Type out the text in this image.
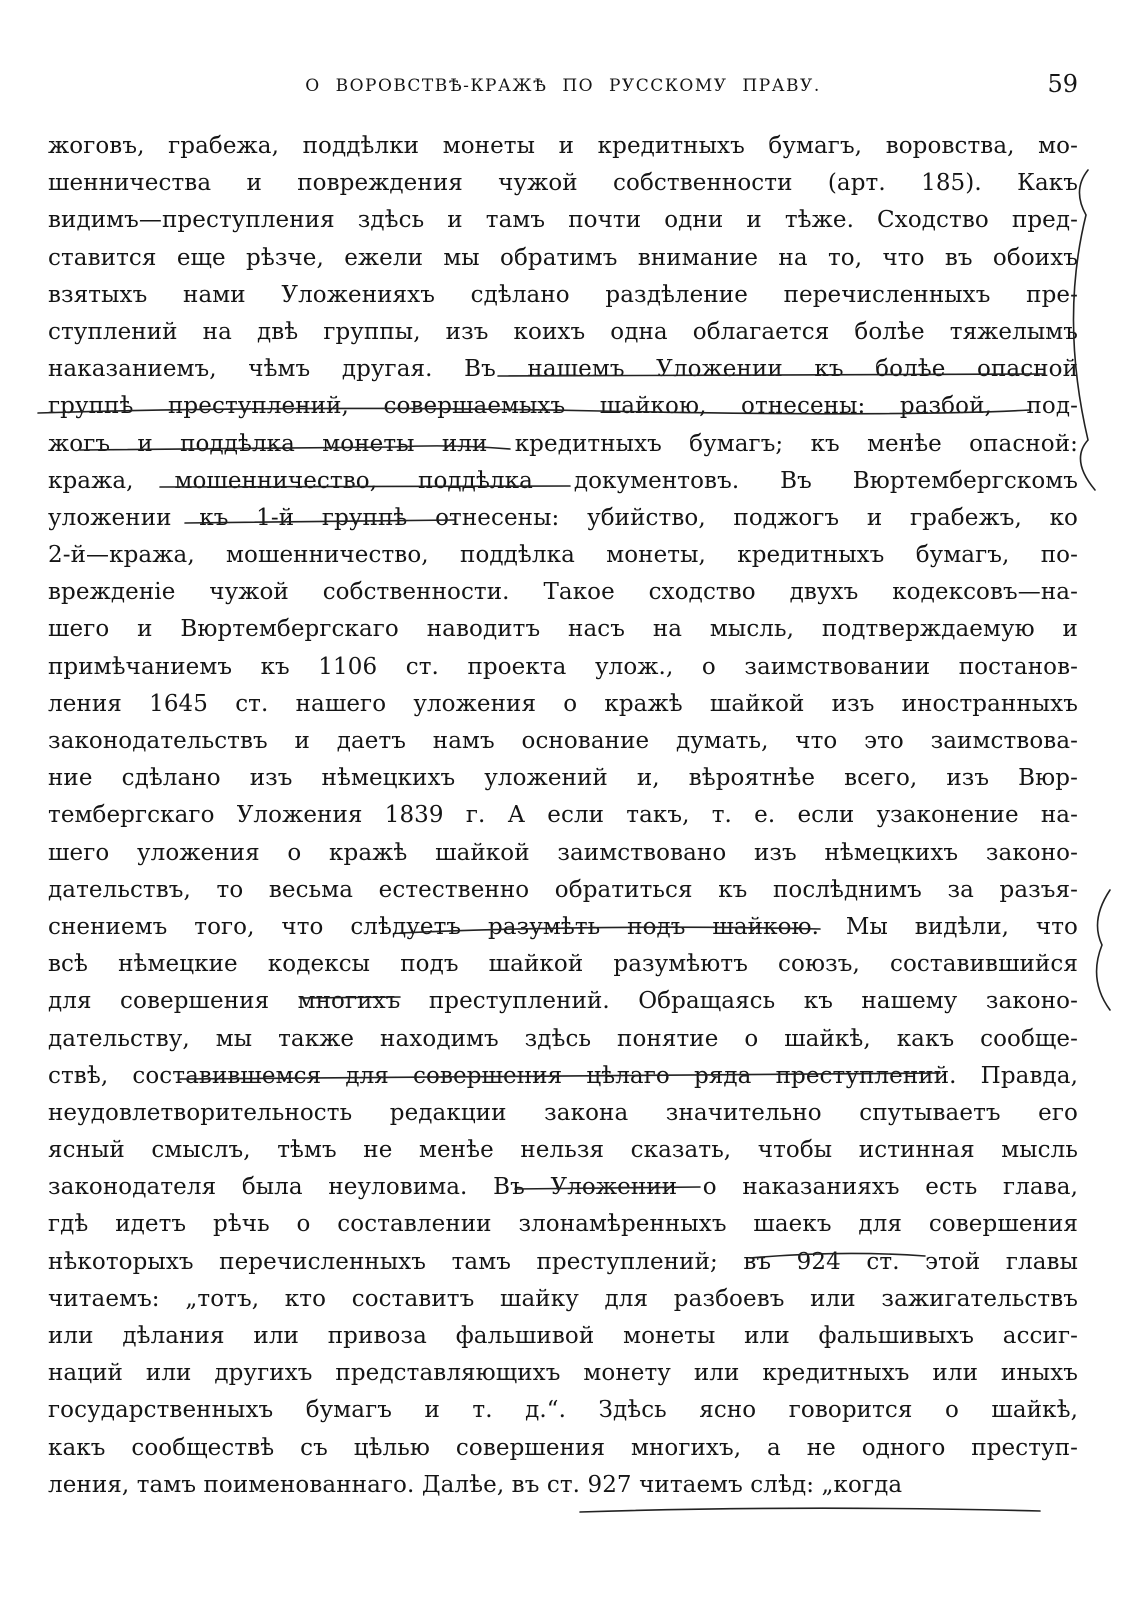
О ВОРОВСТВѢ-КРАЖѢ ПО РУССКОМУ ПРАВУ.	59
жоговъ, грабежа, поддѣлки монеты и кредитныхъ бумагъ, воровства, мо-
шенничества и повреждения чужой собственности (арт. 185). Какъ
видимъ—преступления здѣсь и тамъ почти одни и тѣже. Сходство пред-
ставится еще рѣзче, ежели мы обратимъ внимание на то, что въ обоихъ
взятыхъ нами Уложенияхъ сдѣлано раздѣление перечисленныхъ пре-
ступлений на двѣ группы, изъ коихъ одна облагается болѣе тяжелымъ
наказаниемъ, чѣмъ другая. Въ нашемъ Уложении къ болѣе опасной
группѣ преступлений, совершаемыхъ шайкою, отнесены: разбой, под-
жогъ и поддѣлка монеты или кредитныхъ бумагъ; къ менѣе опасной:
кража, мошенничество, поддѣлка документовъ. Въ Вюртембергскомъ
уложении къ 1-й группѣ отнесены: убийство, поджогъ и грабежъ, ко
2-й—кража, мошенничество, поддѣлка монеты, кредитныхъ бумагъ, по-
врежденiе чужой собственности. Такое сходство двухъ кодексовъ—на-
шего и Вюртембергскаго наводитъ насъ на мысль, подтверждаемую и
примѣчаниемъ къ 1106 ст. проекта улож., о заимствовании постанов-
ления 1645 ст. нашего уложения о кражѣ шайкой изъ иностранныхъ
законодательствъ и даетъ намъ основание думать, что это заимствова-
ние сдѣлано изъ нѣмецкихъ уложений и, вѣроятнѣе всего, изъ Вюр-
тембергскаго Уложения 1839 г. А если такъ, т. е. если узаконение на-
шего уложения о кражѣ шайкой заимствовано изъ нѣмецкихъ законо-
дательствъ, то весьма естественно обратиться къ послѣднимъ за разъя-
снениемъ того, что слѣдуетъ разумѣть подъ шайкою. Мы видѣли, что
всѣ нѣмецкие кодексы подъ шайкой разумѣютъ союзъ, составившийся
для совершения многихъ преступлений. Обращаясь къ нашему законо-
дательству, мы также находимъ здѣсь понятие о шайкѣ, какъ сообще-
ствѣ, составившемся для совершения цѣлаго ряда преступлений. Правда,
неудовлетворительность редакции закона значительно спутываетъ его
ясный смыслъ, тѣмъ не менѣе нельзя сказать, чтобы истинная мысль
законодателя была неуловима. Въ Уложении о наказанияхъ есть глава,
гдѣ идетъ рѣчь о составлении злонамѣренныхъ шаекъ для совершения
нѣкоторыхъ перечисленныхъ тамъ преступлений; въ 924 ст. этой главы
читаемъ: „тотъ, кто составитъ шайку для разбоевъ или зажигательствъ
или дѣлания или привоза фальшивой монеты или фальшивыхъ ассиг-
наций или другихъ представляющихъ монету или кредитныхъ или иныхъ
государственныхъ бумагъ и т. д.“. Здѣсь ясно говорится о шайкѣ,
какъ сообществѣ съ цѣлью совершения многихъ, а не одного преступ-
ления, тамъ поименованнаго. Далѣе, въ ст. 927 читаемъ слѣд: „когда
